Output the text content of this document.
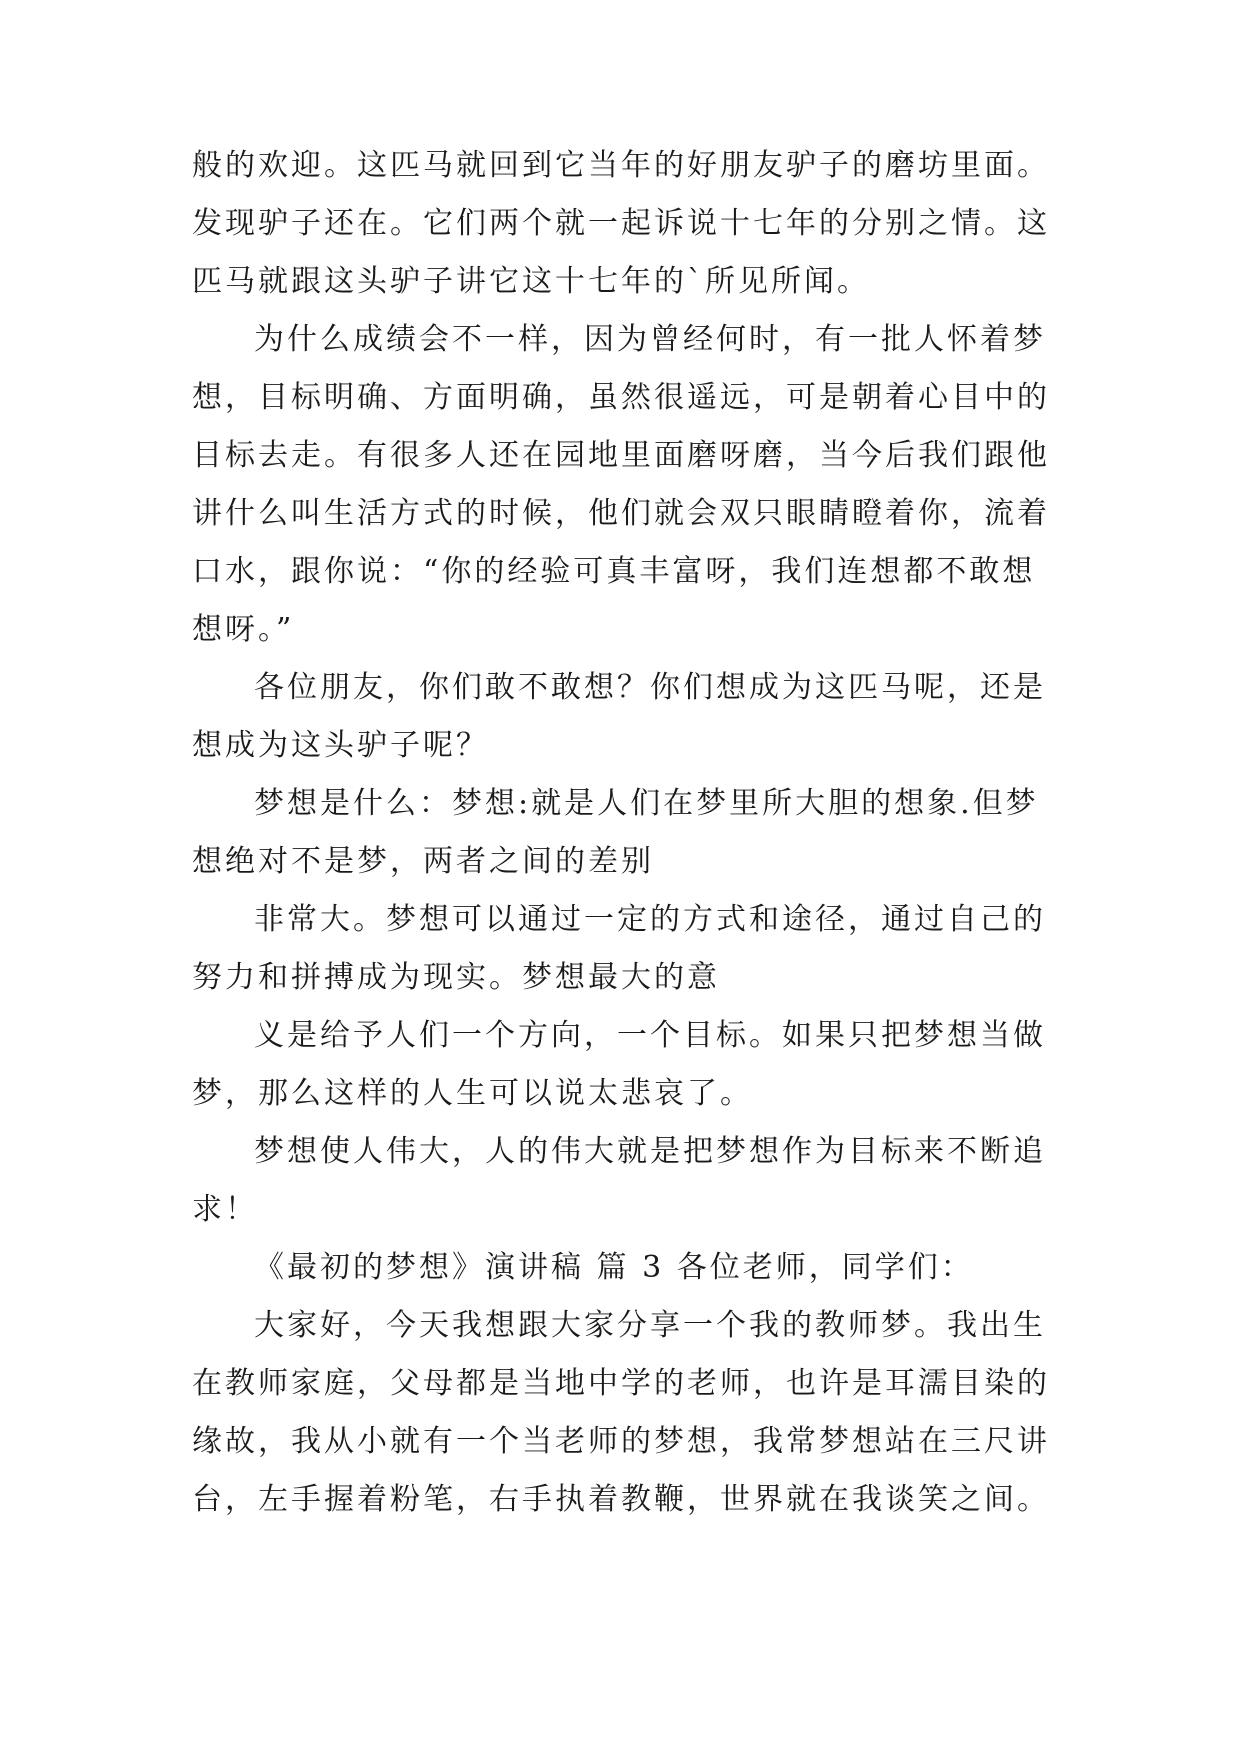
般的欢迎。这匹马就回到它当年的好朋友驴子的磨坊里面。
发现驴子还在。它们两个就一起诉说十七年的分别之情。这
匹马就跟这头驴子讲它这十七年的`所见所闻。
为什么成绩会不一样，因为曾经何时，有一批人怀着梦
想，目标明确、方面明确，虽然很遥远，可是朝着心目中的
目标去走。有很多人还在园地里面磨呀磨，当今后我们跟他
讲什么叫生活方式的时候，他们就会双只眼睛瞪着你，流着
口水，跟你说：“你的经验可真丰富呀，我们连想都不敢想
想呀。”
各位朋友，你们敢不敢想？你们想成为这匹马呢，还是
想成为这头驴子呢？
梦想是什么：梦想:就是人们在梦里所大胆的想象.但梦
想绝对不是梦，两者之间的差别
非常大。梦想可以通过一定的方式和途径，通过自己的
努力和拼搏成为现实。梦想最大的意
义是给予人们一个方向，一个目标。如果只把梦想当做
梦，那么这样的人生可以说太悲哀了。
梦想使人伟大，人的伟大就是把梦想作为目标来不断追
求！
《最初的梦想》演讲稿 篇 3 各位老师，同学们：
大家好，今天我想跟大家分享一个我的教师梦。我出生
在教师家庭，父母都是当地中学的老师，也许是耳濡目染的
缘故，我从小就有一个当老师的梦想，我常梦想站在三尺讲
台，左手握着粉笔，右手执着教鞭，世界就在我谈笑之间。
